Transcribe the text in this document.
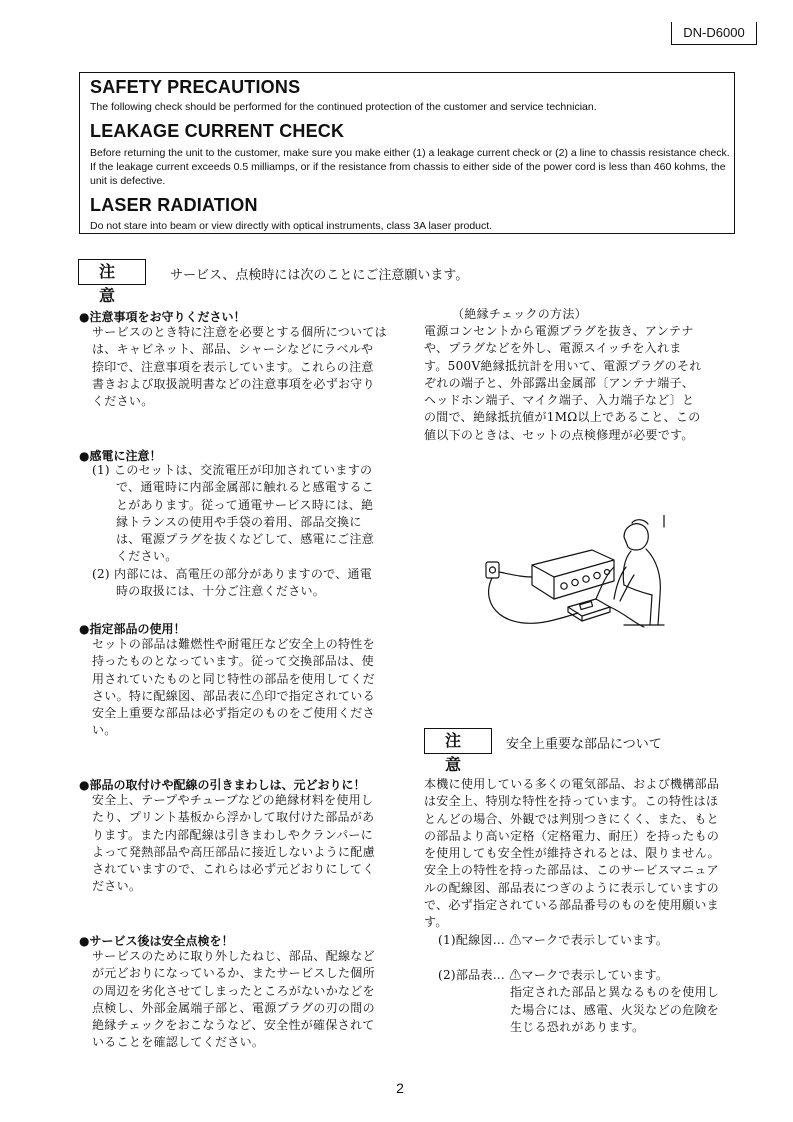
DN-D6000
SAFETY PRECAUTIONS
The following check should be performed for the continued protection of the customer and service technician.
LEAKAGE CURRENT CHECK
Before returning the unit to the customer, make sure you make either (1) a leakage current check or (2) a line to chassis resistance check. If the leakage current exceeds 0.5 milliamps, or if the resistance from chassis to either side of the power cord is less than 460 kohms, the unit is defective.
LASER RADIATION
Do not stare into beam or view directly with optical instruments, class 3A laser product.
注 意
サービス、点検時には次のことにご注意願います。
●注意事項をお守りください！
サービスのとき特に注意を必要とする個所については
は、キャビネット、部品、シャーシなどにラベルや
捺印で、注意事項を表示しています。これらの注意
書きおよび取扱説明書などの注意事項を必ずお守り
ください。
●感電に注意！
(1) このセットは、交流電圧が印加されていますの
で、通電時に内部金属部に触れると感電するこ
とがあります。従って通電サービス時には、絶
縁トランスの使用や手袋の着用、部品交換に
は、電源プラグを抜くなどして、感電にご注意
ください。
(2) 内部には、高電圧の部分がありますので、通電
時の取扱には、十分ご注意ください。
●指定部品の使用！
セットの部品は難燃性や耐電圧など安全上の特性を
持ったものとなっています。従って交換部品は、使
用されていたものと同じ特性の部品を使用してくだ
さい。特に配線図、部品表に⚠印で指定されている
安全上重要な部品は必ず指定のものをご使用くださ
い。
●部品の取付けや配線の引きまわしは、元どおりに！
安全上、テープやチューブなどの絶縁材料を使用し
たり、プリント基板から浮かして取付けた部品があ
ります。また内部配線は引きまわしやクランパーに
よって発熱部品や高圧部品に接近しないように配慮
されていますので、これらは必ず元どおりにしてく
ださい。
●サービス後は安全点検を！
サービスのために取り外したねじ、部品、配線など
が元どおりになっているか、またサービスした個所
の周辺を劣化させてしまったところがないかなどを
点検し、外部金属端子部と、電源プラグの刃の間の
絶縁チェックをおこなうなど、安全性が確保されて
いることを確認してください。
（絶縁チェックの方法）
電源コンセントから電源プラグを抜き、アンテナ
や、プラグなどを外し、電源スイッチを入れま
す。500V絶縁抵抗計を用いて、電源プラグのそれ
ぞれの端子と、外部露出金属部〔アンテナ端子、
ヘッドホン端子、マイク端子、入力端子など〕と
の間で、絶縁抵抗値が1MΩ以上であること、この
値以下のときは、セットの点検修理が必要です。
注 意
安全上重要な部品について
本機に使用している多くの電気部品、および機構部品
は安全上、特別な特性を持っています。この特性はほ
とんどの場合、外観では判別つきにくく、また、もと
の部品より高い定格（定格電力、耐圧）を持ったもの
を使用しても安全性が維持されるとは、限りません。
安全上の特性を持った部品は、このサービスマニュア
ルの配線図、部品表につぎのように表示していますの
で、必ず指定されている部品番号のものを使用願いま
す。
(1)配線図… ⚠マークで表示しています。
(2)部品表… ⚠マークで表示しています。
指定された部品と異なるものを使用し
た場合には、感電、火災などの危険を
生じる恐れがあります。
2
